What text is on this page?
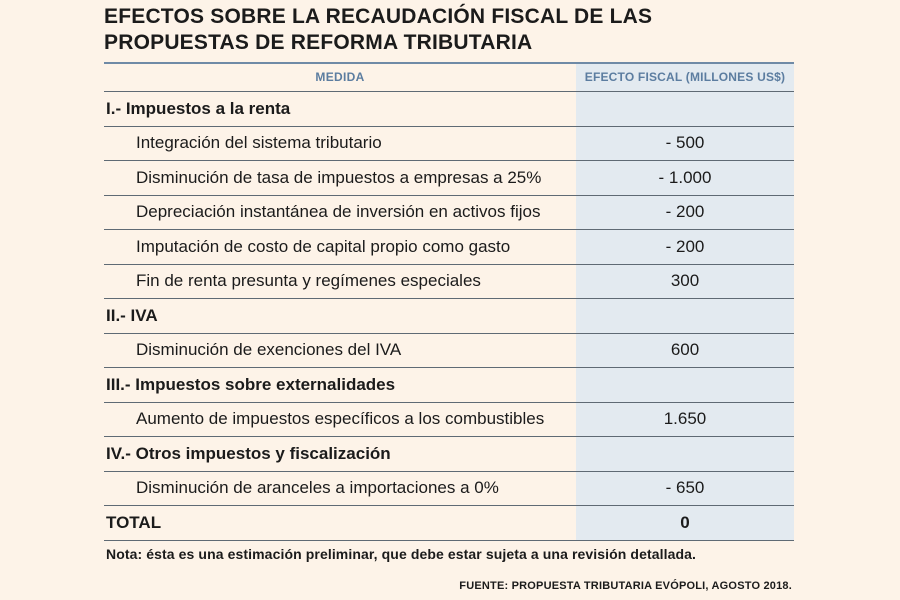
EFECTOS SOBRE LA RECAUDACIÓN FISCAL DE LAS
PROPUESTAS DE REFORMA TRIBUTARIA
MEDIDA	EFECTO FISCAL (MILLONES US$)
I.- Impuestos a la renta
Integración del sistema tributario	- 500
Disminución de tasa de impuestos a empresas a 25%	- 1.000
Depreciación instantánea de inversión en activos fijos	- 200
Imputación de costo de capital propio como gasto	- 200
Fin de renta presunta y regímenes especiales	300
II.- IVA
Disminución de exenciones del IVA	600
III.- Impuestos sobre externalidades
Aumento de impuestos específicos a los combustibles	1.650
IV.- Otros impuestos y fiscalización
Disminución de aranceles a importaciones a 0%	- 650
TOTAL	0
Nota: ésta es una estimación preliminar, que debe estar sujeta a una revisión detallada.
FUENTE: PROPUESTA TRIBUTARIA EVÓPOLI, AGOSTO 2018.
